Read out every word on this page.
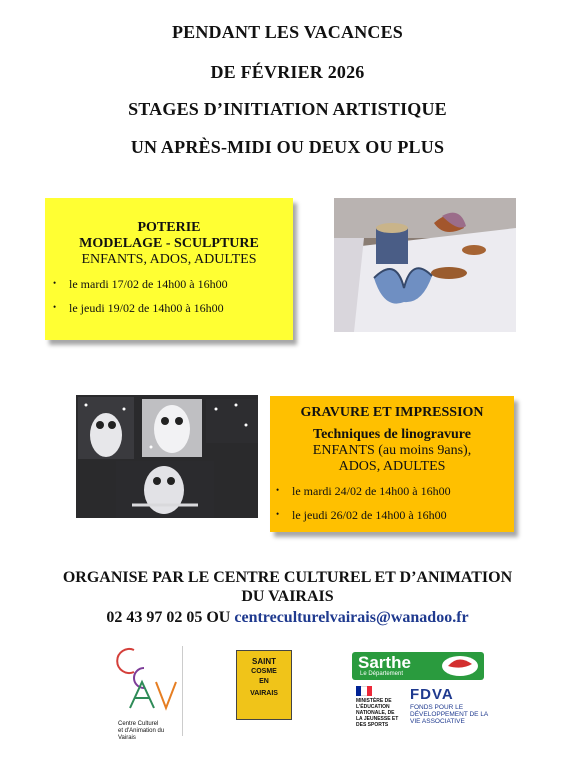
PENDANT LES VACANCES
DE FÉVRIER 2026
STAGES D’INITIATION ARTISTIQUE
UN APRÈS-MIDI OU DEUX OU PLUS
POTERIE
MODELAGE - SCULPTURE
ENFANTS, ADOS, ADULTES
• le mardi 17/02 de 14h00 à 16h00
• le jeudi 19/02 de 14h00 à 16h00
GRAVURE ET IMPRESSION
Techniques de linogravure
ENFANTS (au moins 9ans),
ADOS, ADULTES
• le mardi 24/02 de 14h00 à 16h00
• le jeudi 26/02 de 14h00 à 16h00
ORGANISE PAR LE CENTRE CULTUREL ET D’ANIMATION
DU VAIRAIS
02 43 97 02 05 OU centreculturelvairais@wanadoo.fr
Centre Culturel
et d'Animation du Vairais
SAINT
COSME
EN
VAIRAIS
Sarthe
Le Département
MINISTÈRE DE L'ÉDUCATION NATIONALE, DE LA JEUNESSE ET DES SPORTS
FDVA
FONDS POUR LE DÉVELOPPEMENT DE LA VIE ASSOCIATIVE
